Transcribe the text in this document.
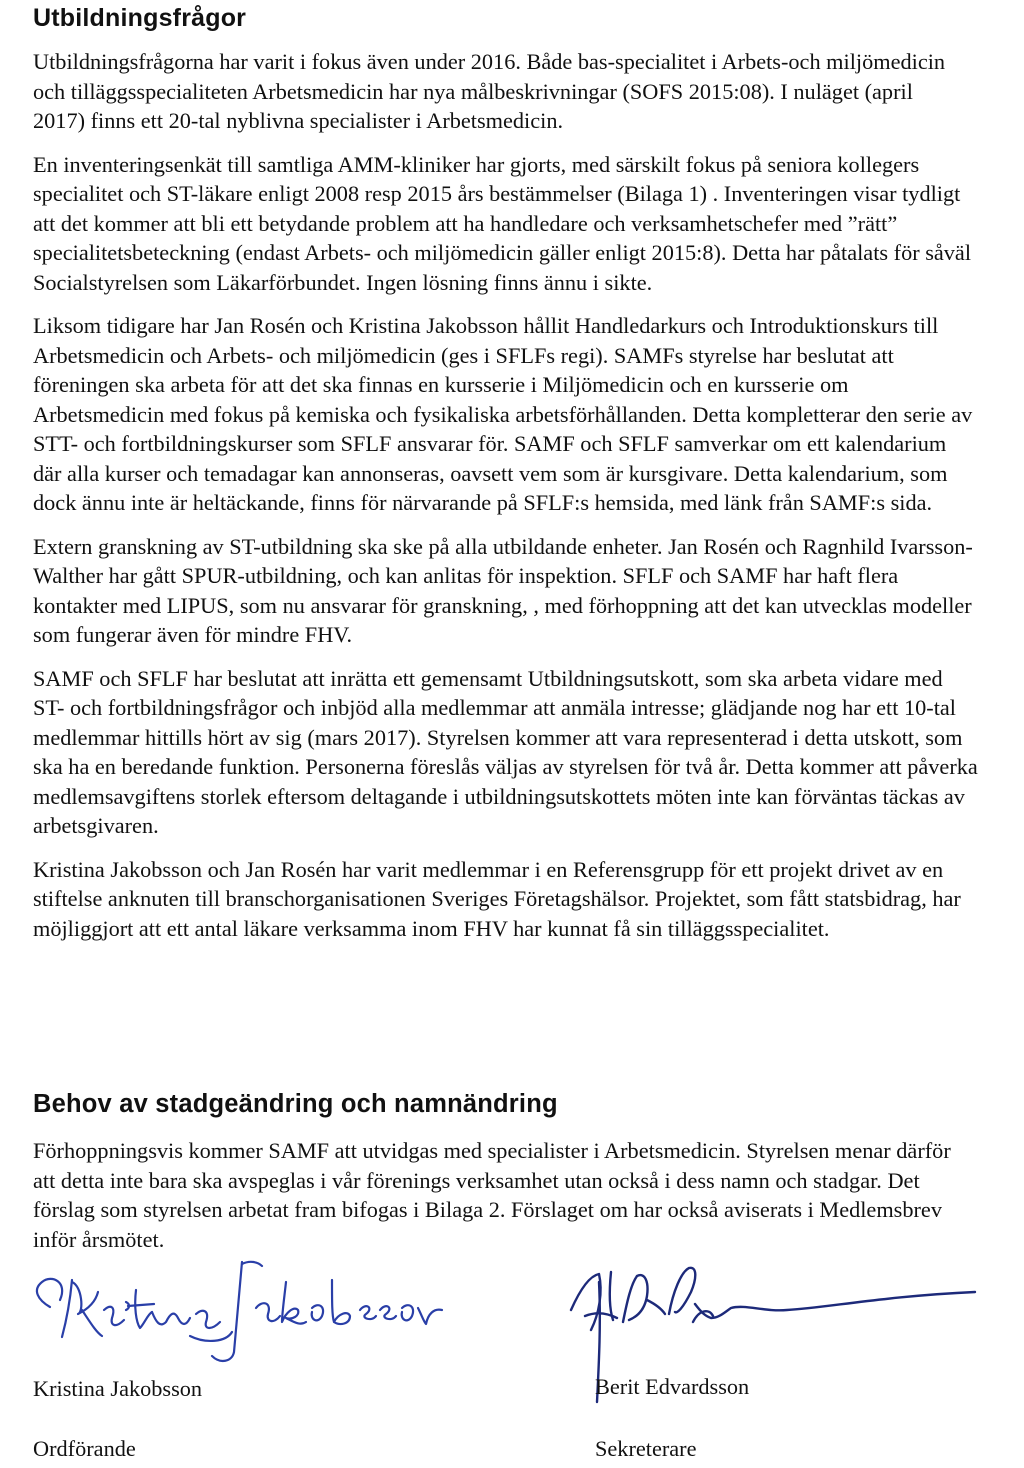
Utbildningsfrågor

Utbildningsfrågorna har varit i fokus även under 2016. Både bas-specialitet i Arbets-och miljömedicin och tilläggsspecialiteten Arbetsmedicin har nya målbeskrivningar (SOFS 2015:08). I nuläget (april 2017) finns ett 20-tal nyblivna specialister i Arbetsmedicin.

En inventeringsenkät till samtliga AMM-kliniker har gjorts, med särskilt fokus på seniora kollegers specialitet och ST-läkare enligt 2008 resp 2015 års bestämmelser (Bilaga 1) . Inventeringen visar tydligt att det kommer att bli ett betydande problem att ha handledare och verksamhetschefer med ”rätt” specialitetsbeteckning (endast Arbets- och miljömedicin gäller enligt 2015:8). Detta har påtalats för såväl Socialstyrelsen som Läkarförbundet. Ingen lösning finns ännu i sikte.

Liksom tidigare har Jan Rosén och Kristina Jakobsson hållit Handledarkurs och Introduktionskurs till Arbetsmedicin och Arbets- och miljömedicin (ges i SFLFs regi). SAMFs styrelse har beslutat att föreningen ska arbeta för att det ska finnas en kursserie i Miljömedicin och en kursserie om Arbetsmedicin med fokus på kemiska och fysikaliska arbetsförhållanden. Detta kompletterar den serie av STT- och fortbildningskurser som SFLF ansvarar för. SAMF och SFLF samverkar om ett kalendarium där alla kurser och temadagar kan annonseras, oavsett vem som är kursgivare. Detta kalendarium, som dock ännu inte är heltäckande, finns för närvarande på SFLF:s hemsida, med länk från SAMF:s sida.

Extern granskning av ST-utbildning ska ske på alla utbildande enheter. Jan Rosén och Ragnhild Ivarsson-Walther har gått SPUR-utbildning, och kan anlitas för inspektion. SFLF och SAMF har haft flera kontakter med LIPUS, som nu ansvarar för granskning, , med förhoppning att det kan utvecklas modeller som fungerar även för mindre FHV.

SAMF och SFLF har beslutat att inrätta ett gemensamt Utbildningsutskott, som ska arbeta vidare med ST- och fortbildningsfrågor och inbjöd alla medlemmar att anmäla intresse; glädjande nog har ett 10-tal medlemmar hittills hört av sig (mars 2017). Styrelsen kommer att vara representerad i detta utskott, som ska ha en beredande funktion. Personerna föreslås väljas av styrelsen för två år. Detta kommer att påverka medlemsavgiftens storlek eftersom deltagande i utbildningsutskottets möten inte kan förväntas täckas av arbetsgivaren.

Kristina Jakobsson och Jan Rosén har varit medlemmar i en Referensgrupp för ett projekt drivet av en stiftelse anknuten till branschorganisationen Sveriges Företagshälsor. Projektet, som fått statsbidrag, har möjliggjort att ett antal läkare verksamma inom FHV har kunnat få sin tilläggsspecialitet.

Behov av stadgeändring och namnändring

Förhoppningsvis kommer SAMF att utvidgas med specialister i Arbetsmedicin. Styrelsen menar därför att detta inte bara ska avspeglas i vår förenings verksamhet utan också i dess namn och stadgar. Det förslag som styrelsen arbetat fram bifogas i Bilaga 2. Förslaget om har också aviserats i Medlemsbrev inför årsmötet.

Kristina Jakobsson

Ordförande

Berit Edvardsson

Sekreterare
